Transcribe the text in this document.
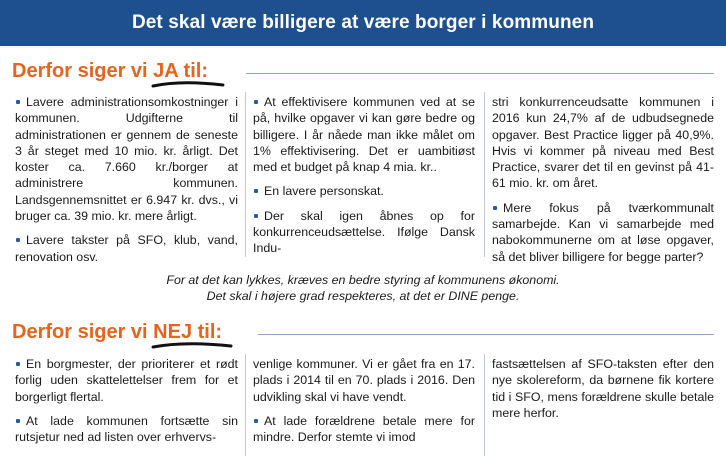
Det skal være billigere at være borger i kommunen
Derfor siger vi JA til:

Lavere administrationsomkostninger i kommunen. Udgifterne til administrationen er gennem de seneste 3 år steget med 10 mio. kr. årligt. Det koster ca. 7.660 kr./borger at administrere kommunen. Landsgennemsnittet er 6.947 kr. dvs., vi bruger ca. 39 mio. kr. mere årligt.

Lavere takster på SFO, klub, vand, renovation osv.

At effektivisere kommunen ved at se på, hvilke opgaver vi kan gøre bedre og billigere. I år nåede man ikke målet om 1% effektivisering. Det er uambitiøst med et budget på knap 4 mia. kr..

En lavere personskat.

Der skal igen åbnes op for konkurrenceudsættelse. Ifølge Dansk Indu-

stri konkurrenceudsatte kommunen i 2016 kun 24,7% af de udbudsegnede opgaver. Best Practice ligger på 40,9%. Hvis vi kommer på niveau med Best Practice, svarer det til en gevinst på 41-61 mio. kr. om året.

Mere fokus på tværkommunalt samarbejde. Kan vi samarbejde med nabokommunerne om at løse opgaver, så det bliver billigere for begge parter?

For at det kan lykkes, kræves en bedre styring af kommunens økonomi.
Det skal i højere grad respekteres, at det er DINE penge.
Derfor siger vi NEJ til:

En borgmester, der prioriterer et rødt forlig uden skattelettelser frem for et borgerligt flertal.

At lade kommunen fortsætte sin rutsjetur ned ad listen over erhvervs-

venlige kommuner. Vi er gået fra en 17. plads i 2014 til en 70. plads i 2016. Den udvikling skal vi have vendt.

At lade forældrene betale mere for mindre. Derfor stemte vi imod

fastsættelsen af SFO-taksten efter den nye skolereform, da børnene fik kortere tid i SFO, mens forældrene skulle betale mere herfor.
